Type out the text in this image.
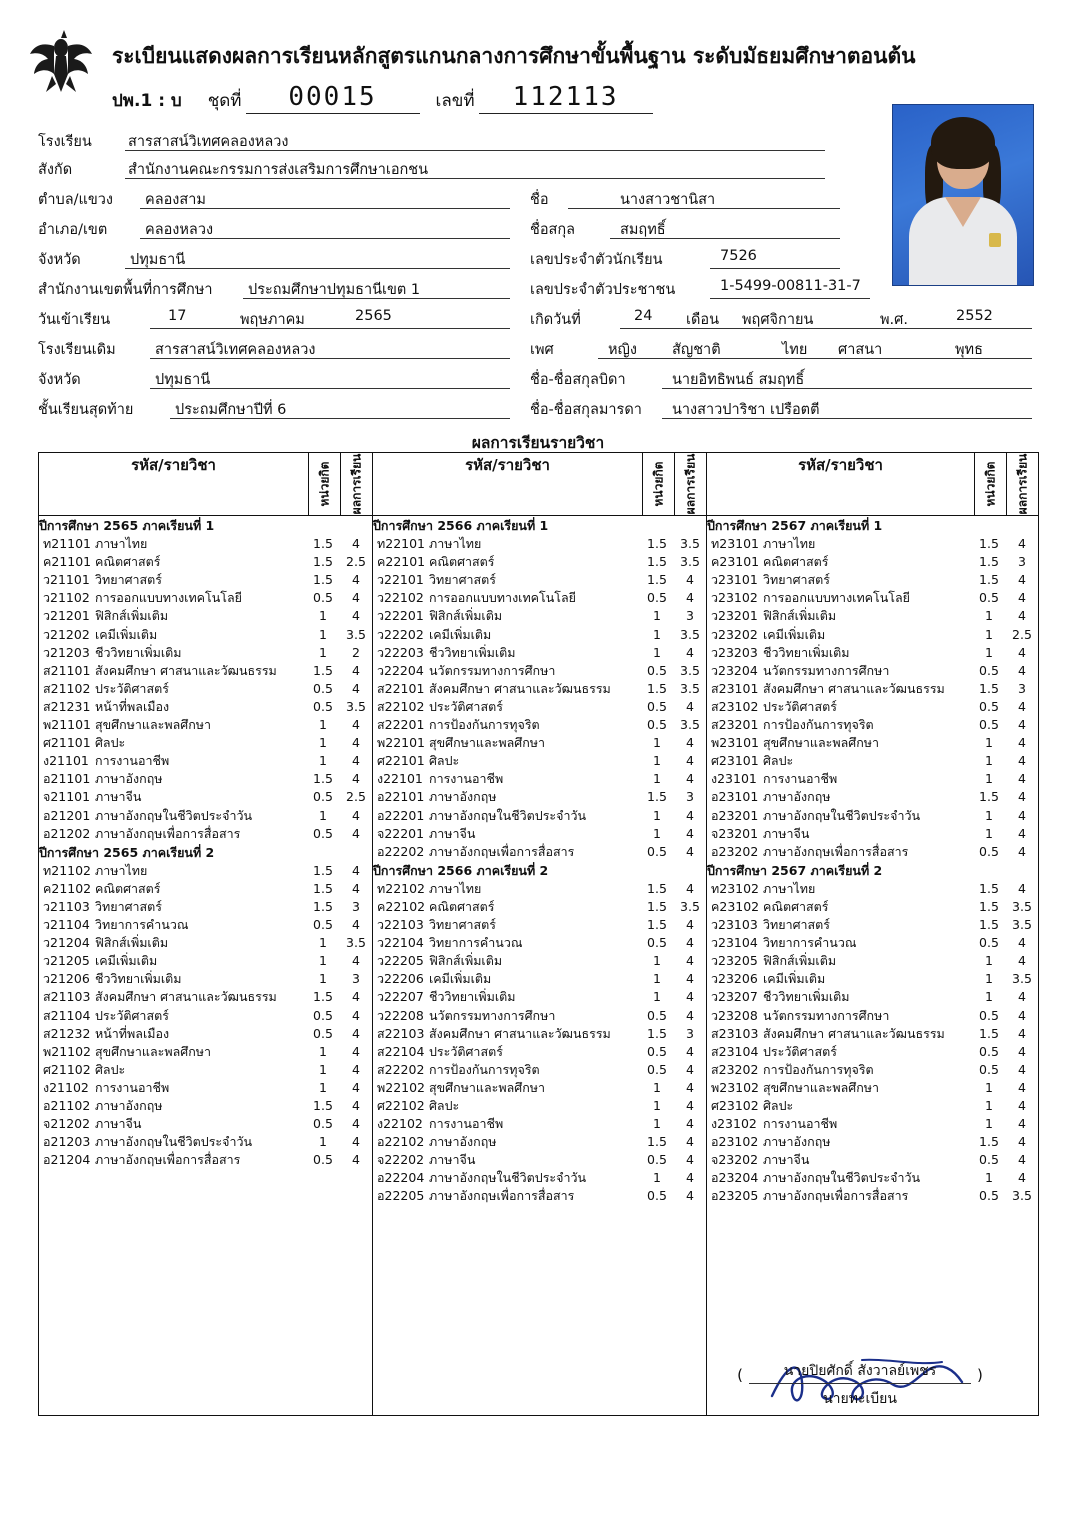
ระเบียนแสดงผลการเรียนหลักสูตรแกนกลางการศึกษาขั้นพื้นฐาน ระดับมัธยมศึกษาตอนต้น
ปพ.1 : บ ชุดที่	00015	เลขที่	112113
โรงเรียน สารสาสน์วิเทศคลองหลวง
สังกัด	สำนักงานคณะกรรมการส่งเสริมการศึกษาเอกชน
ตำบล/แขวง คลองสาม
อำเภอ/เขต	คลองหลวง
จังหวัด	ปทุมธานี
สำนักงานเขตพื้นที่การศึกษา ประถมศึกษาปทุมธานีเขต 1
วันเข้าเรียน	17	พฤษภาคม	2565
โรงเรียนเดิม	สารสาสน์วิเทศคลองหลวง
จังหวัด	ปทุมธานี
ชั้นเรียนสุดท้าย	ประถมศึกษาปีที่ 6
ชื่อ	นางสาวชานิสา
ชื่อสกุล	สมฤทธิ์
เลขประจำตัวนักเรียน	7526
เลขประจำตัวประชาชน	1-5499-00811-31-7
เกิดวันที่	24 เดือน พฤศจิกายน	พ.ศ.	2552
เพศ	หญิง สัญชาติ	ไทย ศาสนา	พุทธ
ชื่อ-ชื่อสกุลบิดา	นายอิทธิพนธ์ สมฤทธิ์
ชื่อ-ชื่อสกุลมารดา นางสาวปาริชา เปรือตตี
ผลการเรียนรายวิชา
รหัส/รายวิชา	หน่วยกิต	ผลการเรียน	รหัส/รายวิชา	หน่วยกิต	ผลการเรียน	รหัส/รายวิชา	หน่วยกิต	ผลการเรียน

ปีการศึกษา 2565 ภาคเรียนที่ 1
ท21101	ภาษาไทย	1.5	4
ค21101	คณิตศาสตร์	1.5	2.5
ว21101	วิทยาศาสตร์	1.5	4
ว21102	การออกแบบทางเทคโนโลยี	0.5	4
ว21201	ฟิสิกส์เพิ่มเติม	1	4
ว21202	เคมีเพิ่มเติม	1	3.5
ว21203	ชีววิทยาเพิ่มเติม	1	2
ส21101	สังคมศึกษา ศาสนาและวัฒนธรรม	1.5	4
ส21102	ประวัติศาสตร์	0.5	4
ส21231	หน้าที่พลเมือง	0.5	3.5
พ21101	สุขศึกษาและพลศึกษา	1	4
ศ21101	ศิลปะ	1	4
ง21101	การงานอาชีพ	1	4
อ21101	ภาษาอังกฤษ	1.5	4
จ21101	ภาษาจีน	0.5	2.5
อ21201	ภาษาอังกฤษในชีวิตประจำวัน	1	4
อ21202	ภาษาอังกฤษเพื่อการสื่อสาร	0.5	4
ปีการศึกษา 2565 ภาคเรียนที่ 2
ท21102	ภาษาไทย	1.5	4
ค21102	คณิตศาสตร์	1.5	4
ว21103	วิทยาศาสตร์	1.5	3
ว21104	วิทยาการคำนวณ	0.5	4
ว21204	ฟิสิกส์เพิ่มเติม	1	3.5
ว21205	เคมีเพิ่มเติม	1	4
ว21206	ชีววิทยาเพิ่มเติม	1	3
ส21103	สังคมศึกษา ศาสนาและวัฒนธรรม	1.5	4
ส21104	ประวัติศาสตร์	0.5	4
ส21232	หน้าที่พลเมือง	0.5	4
พ21102	สุขศึกษาและพลศึกษา	1	4
ศ21102	ศิลปะ	1	4
ง21102	การงานอาชีพ	1	4
อ21102	ภาษาอังกฤษ	1.5	4
จ21202	ภาษาจีน	0.5	4
อ21203	ภาษาอังกฤษในชีวิตประจำวัน	1	4
อ21204	ภาษาอังกฤษเพื่อการสื่อสาร	0.5	4

ปีการศึกษา 2566 ภาคเรียนที่ 1
ท22101	ภาษาไทย	1.5	3.5
ค22101	คณิตศาสตร์	1.5	3.5
ว22101	วิทยาศาสตร์	1.5	4
ว22102	การออกแบบทางเทคโนโลยี	0.5	4
ว22201	ฟิสิกส์เพิ่มเติม	1	3
ว22202	เคมีเพิ่มเติม	1	3.5
ว22203	ชีววิทยาเพิ่มเติม	1	4
ว22204	นวัตกรรมทางการศึกษา	0.5	3.5
ส22101	สังคมศึกษา ศาสนาและวัฒนธรรม	1.5	3.5
ส22102	ประวัติศาสตร์	0.5	4
ส22201	การป้องกันการทุจริต	0.5	3.5
พ22101	สุขศึกษาและพลศึกษา	1	4
ศ22101	ศิลปะ	1	4
ง22101	การงานอาชีพ	1	4
อ22101	ภาษาอังกฤษ	1.5	3
อ22201	ภาษาอังกฤษในชีวิตประจำวัน	1	4
จ22201	ภาษาจีน	1	4
อ22202	ภาษาอังกฤษเพื่อการสื่อสาร	0.5	4
ปีการศึกษา 2566 ภาคเรียนที่ 2
ท22102	ภาษาไทย	1.5	4
ค22102	คณิตศาสตร์	1.5	3.5
ว22103	วิทยาศาสตร์	1.5	4
ว22104	วิทยาการคำนวณ	0.5	4
ว22205	ฟิสิกส์เพิ่มเติม	1	4
ว22206	เคมีเพิ่มเติม	1	4
ว22207	ชีววิทยาเพิ่มเติม	1	4
ว22208	นวัตกรรมทางการศึกษา	0.5	4
ส22103	สังคมศึกษา ศาสนาและวัฒนธรรม	1.5	3
ส22104	ประวัติศาสตร์	0.5	4
ส22202	การป้องกันการทุจริต	0.5	4
พ22102	สุขศึกษาและพลศึกษา	1	4
ศ22102	ศิลปะ	1	4
ง22102	การงานอาชีพ	1	4
อ22102	ภาษาอังกฤษ	1.5	4
จ22202	ภาษาจีน	0.5	4
อ22204	ภาษาอังกฤษในชีวิตประจำวัน	1	4
อ22205	ภาษาอังกฤษเพื่อการสื่อสาร	0.5	4

ปีการศึกษา 2567 ภาคเรียนที่ 1
ท23101	ภาษาไทย	1.5	4
ค23101	คณิตศาสตร์	1.5	3
ว23101	วิทยาศาสตร์	1.5	4
ว23102	การออกแบบทางเทคโนโลยี	0.5	4
ว23201	ฟิสิกส์เพิ่มเติม	1	4
ว23202	เคมีเพิ่มเติม	1	2.5
ว23203	ชีววิทยาเพิ่มเติม	1	4
ว23204	นวัตกรรมทางการศึกษา	0.5	4
ส23101	สังคมศึกษา ศาสนาและวัฒนธรรม	1.5	3
ส23102	ประวัติศาสตร์	0.5	4
ส23201	การป้องกันการทุจริต	0.5	4
พ23101	สุขศึกษาและพลศึกษา	1	4
ศ23101	ศิลปะ	1	4
ง23101	การงานอาชีพ	1	4
อ23101	ภาษาอังกฤษ	1.5	4
อ23201	ภาษาอังกฤษในชีวิตประจำวัน	1	4
จ23201	ภาษาจีน	1	4
อ23202	ภาษาอังกฤษเพื่อการสื่อสาร	0.5	4
ปีการศึกษา 2567 ภาคเรียนที่ 2
ท23102	ภาษาไทย	1.5	4
ค23102	คณิตศาสตร์	1.5	3.5
ว23103	วิทยาศาสตร์	1.5	3.5
ว23104	วิทยาการคำนวณ	0.5	4
ว23205	ฟิสิกส์เพิ่มเติม	1	4
ว23206	เคมีเพิ่มเติม	1	3.5
ว23207	ชีววิทยาเพิ่มเติม	1	4
ว23208	นวัตกรรมทางการศึกษา	0.5	4
ส23103	สังคมศึกษา ศาสนาและวัฒนธรรม	1.5	4
ส23104	ประวัติศาสตร์	0.5	4
ส23202	การป้องกันการทุจริต	0.5	4
พ23102	สุขศึกษาและพลศึกษา	1	4
ศ23102	ศิลปะ	1	4
ง23102	การงานอาชีพ	1	4
อ23102	ภาษาอังกฤษ	1.5	4
จ23202	ภาษาจีน	0.5	4
อ23204	ภาษาอังกฤษในชีวิตประจำวัน	1	4
อ23205	ภาษาอังกฤษเพื่อการสื่อสาร	0.5	3.5
(	นายปิยศักดิ์ สังวาลย์เพชร	)
นายทะเบียน
